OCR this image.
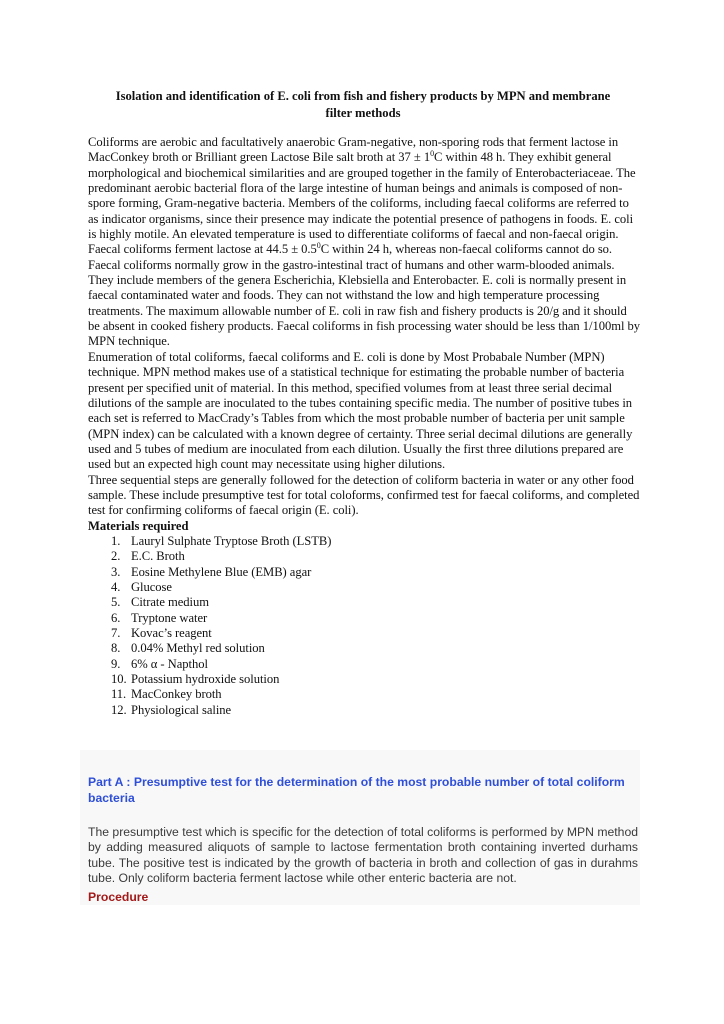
Isolation and identification of E. coli from fish and fishery products by MPN and membrane
filter methods

Coliforms are aerobic and facultatively anaerobic Gram-negative, non-sporing rods that ferment lactose in MacConkey broth or Brilliant green Lactose Bile salt broth at $37 \pm 1^0C$ within 48 h. They exhibit general morphological and biochemical similarities and are grouped together in the family of Enterobacteriaceae. The predominant aerobic bacterial flora of the large intestine of human beings and animals is composed of non-spore forming, Gram-negative bacteria. Members of the coliforms, including faecal coliforms are referred to as indicator organisms, since their presence may indicate the potential presence of pathogens in foods. E. coli is highly motile. An elevated temperature is used to differentiate coliforms of faecal and non-faecal origin. Faecal coliforms ferment lactose at $44.5 \pm 0.5^0C$ within 24 h, whereas non-faecal coliforms cannot do so. Faecal coliforms normally grow in the gastro-intestinal tract of humans and other warm-blooded animals. They include members of the genera Escherichia, Klebsiella and Enterobacter. E. coli is normally present in faecal contaminated water and foods. They can not withstand the low and high temperature processing treatments. The maximum allowable number of E. coli in raw fish and fishery products is 20/g and it should be absent in cooked fishery products. Faecal coliforms in fish processing water should be less than 1/100ml by MPN technique.

Enumeration of total coliforms, faecal coliforms and E. coli is done by Most Probabale Number (MPN) technique. MPN method makes use of a statistical technique for estimating the probable number of bacteria present per specified unit of material. In this method, specified volumes from at least three serial decimal dilutions of the sample are inoculated to the tubes containing specific media. The number of positive tubes in each set is referred to MacCrady’s Tables from which the most probable number of bacteria per unit sample (MPN index) can be calculated with a known degree of certainty. Three serial decimal dilutions are generally used and 5 tubes of medium are inoculated from each dilution. Usually the first three dilutions prepared are used but an expected high count may necessitate using higher dilutions.

Three sequential steps are generally followed for the detection of coliform bacteria in water or any other food sample. These include presumptive test for total coloforms, confirmed test for faecal coliforms, and completed test for confirming coliforms of faecal origin (E. coli).

Materials required

1. Lauryl Sulphate Tryptose Broth (LSTB)
2. E.C. Broth
3. Eosine Methylene Blue (EMB) agar
4. Glucose
5. Citrate medium
6. Tryptone water
7. Kovac’s reagent
8. 0.04% Methyl red solution
9. 6% α - Napthol
10. Potassium hydroxide solution
11. MacConkey broth
12. Physiological saline
Part A : Presumptive test for the determination of the most probable number of total coliform bacteria
The presumptive test which is specific for the detection of total coliforms is performed by MPN method by adding measured aliquots of sample to lactose fermentation broth containing inverted durhams tube. The positive test is indicated by the growth of bacteria in broth and collection of gas in durahms tube. Only coliform bacteria ferment lactose while other enteric bacteria are not.
Procedure
